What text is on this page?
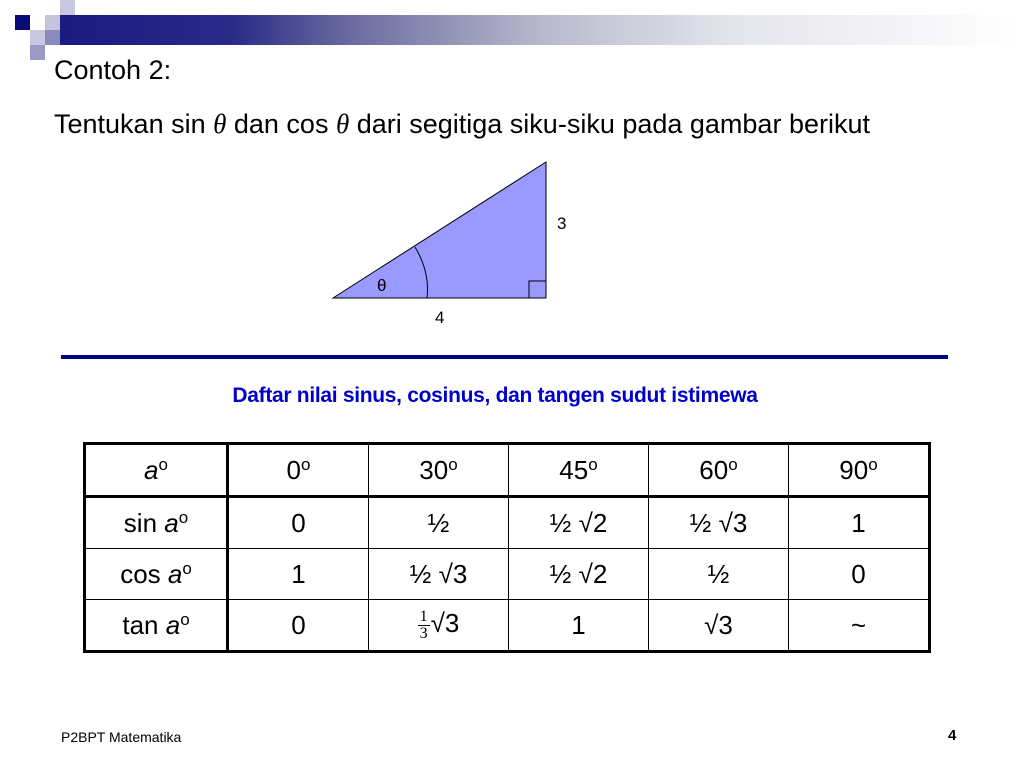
Contoh 2:
Tentukan sin θ dan cos θ dari segitiga siku-siku pada gambar berikut
θ
3
4
Daftar nilai sinus, cosinus, dan tangen sudut istimewa
$a^o$	0$^o$	30$^o$	45$^o$	60$^o$	90$^o$
$\sin a^o$	0	½	½ √2	½ √3	1
$\cos a^o$	1	½ √3	½ √2	½	0
$\tan a^o$	0	$\frac{1}{3} √3$	1	√3	~
P2BPT Matematika	4
